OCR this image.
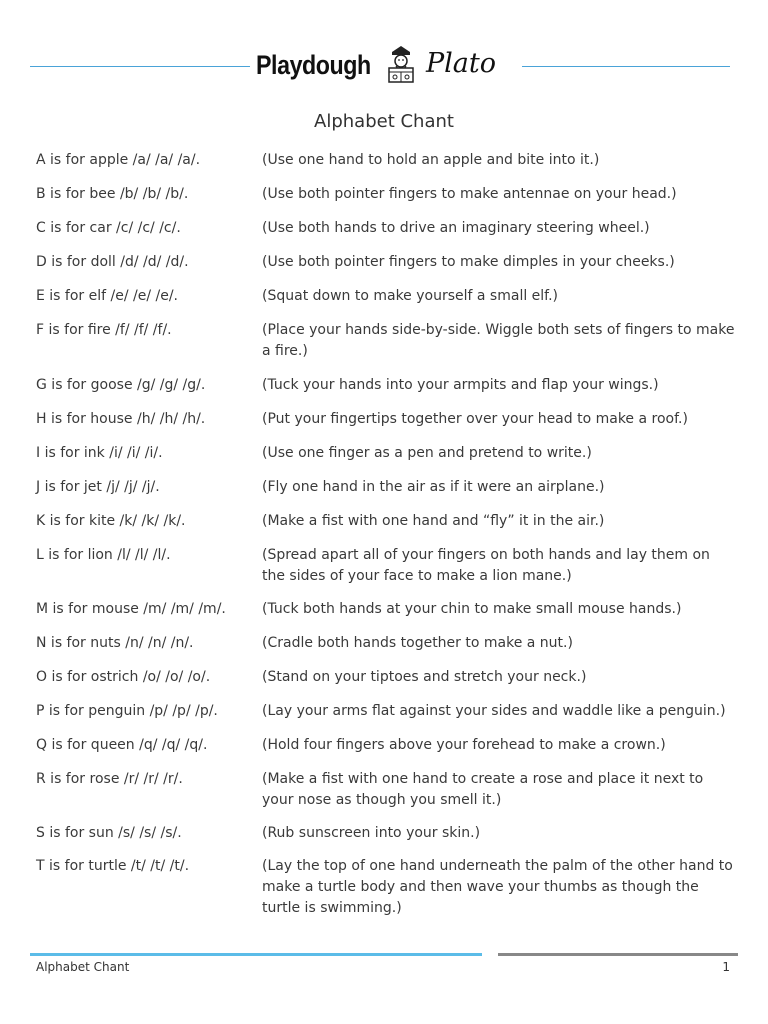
Playdough Plato
Alphabet Chant
A is for apple /a/ /a/ /a/.	(Use one hand to hold an apple and bite into it.)
B is for bee /b/ /b/ /b/.	(Use both pointer fingers to make antennae on your head.)
C is for car /c/ /c/ /c/.	(Use both hands to drive an imaginary steering wheel.)
D is for doll /d/ /d/ /d/.	(Use both pointer fingers to make dimples in your cheeks.)
E is for elf /e/ /e/ /e/.	(Squat down to make yourself a small elf.)
F is for fire /f/ /f/ /f/.	(Place your hands side-by-side. Wiggle both sets of fingers to make a fire.)
G is for goose /g/ /g/ /g/.	(Tuck your hands into your armpits and flap your wings.)
H is for house /h/ /h/ /h/.	(Put your fingertips together over your head to make a roof.)
I is for ink /i/ /i/ /i/.	(Use one finger as a pen and pretend to write.)
J is for jet /j/ /j/ /j/.	(Fly one hand in the air as if it were an airplane.)
K is for kite /k/ /k/ /k/.	(Make a fist with one hand and “fly” it in the air.)
L is for lion /l/ /l/ /l/.	(Spread apart all of your fingers on both hands and lay them on the sides of your face to make a lion mane.)
M is for mouse /m/ /m/ /m/.	(Tuck both hands at your chin to make small mouse hands.)
N is for nuts /n/ /n/ /n/.	(Cradle both hands together to make a nut.)
O is for ostrich /o/ /o/ /o/.	(Stand on your tiptoes and stretch your neck.)
P is for penguin /p/ /p/ /p/.	(Lay your arms flat against your sides and waddle like a penguin.)
Q is for queen /q/ /q/ /q/.	(Hold four fingers above your forehead to make a crown.)
R is for rose /r/ /r/ /r/.	(Make a fist with one hand to create a rose and place it next to your nose as though you smell it.)
S is for sun /s/ /s/ /s/.	(Rub sunscreen into your skin.)
T is for turtle /t/ /t/ /t/.	(Lay the top of one hand underneath the palm of the other hand to make a turtle body and then wave your thumbs as though the turtle is swimming.)
Alphabet Chant	1
